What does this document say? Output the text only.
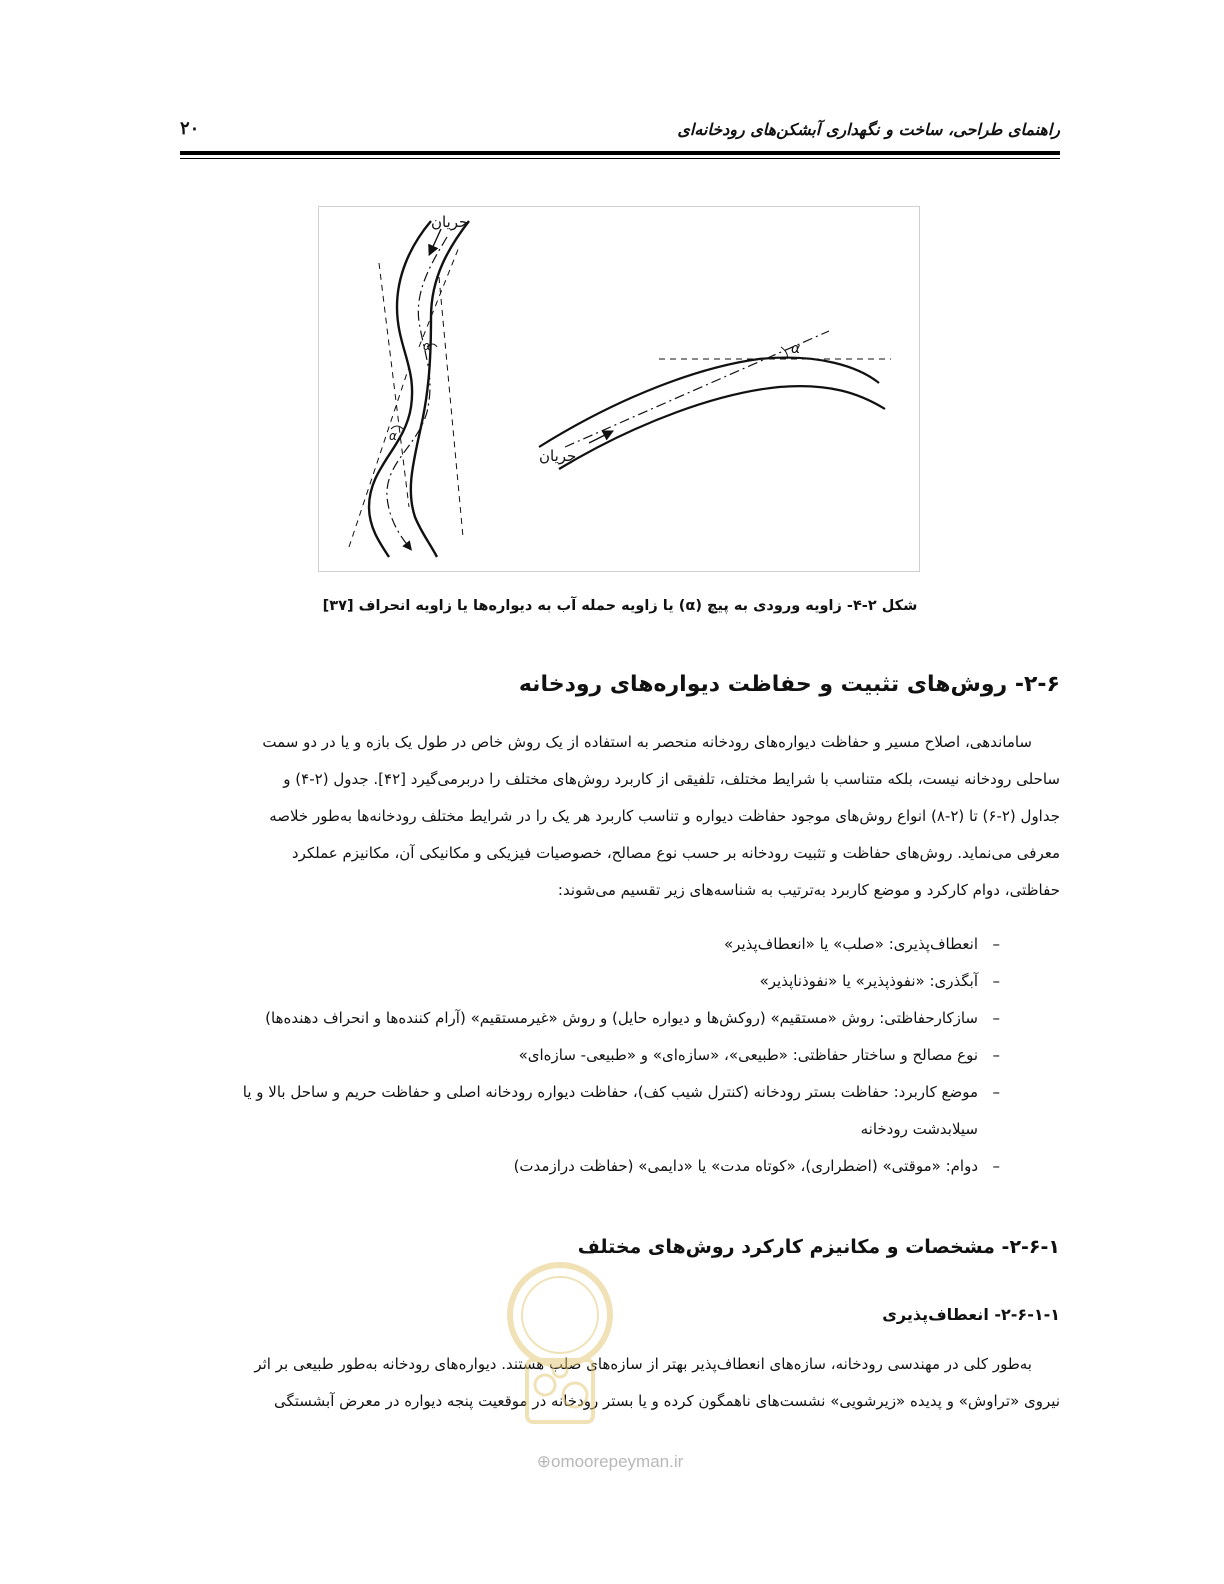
راهنمای طراحی، ساخت و نگهداری آبشکن‌های رودخانه‌ای
۲۰
جریان
جریان
α
α
α
شکل ۲-۴- زاویه ورودی به پیچ (α) یا زاویه حمله آب به دیواره‌ها یا زاویه انحراف [۳۷]
۲-۶- روش‌های تثبیت و حفاظت دیواره‌های رودخانه
ساماندهی، اصلاح مسیر و حفاظت دیواره‌های رودخانه منحصر به استفاده از یک روش خاص در طول یک بازه و یا در دو سمت
ساحلی رودخانه نیست، بلکه متناسب با شرایط مختلف، تلفیقی از کاربرد روش‌های مختلف را دربرمی‌گیرد [۴۲]. جدول (۲-۴) و
جداول (۲-۶) تا (۲-۸) انواع روش‌های موجود حفاظت دیواره و تناسب کاربرد هر یک را در شرایط مختلف رودخانه‌ها به‌طور خلاصه
معرفی می‌نماید. روش‌های حفاظت و تثبیت رودخانه بر حسب نوع مصالح، خصوصیات فیزیکی و مکانیکی آن، مکانیزم عملکرد
حفاظتی، دوام کارکرد و موضع کاربرد به‌ترتیب به شناسه‌های زیر تقسیم می‌شوند:
–
انعطاف‌پذیری: «صلب» یا «انعطاف‌پذیر»
–
آبگذری: «نفوذپذیر» یا «نفوذناپذیر»
–
سازکارحفاظتی: روش «مستقیم» (روکش‌ها و دیواره حایل) و روش «غیرمستقیم» (آرام کننده‌ها و انحراف دهنده‌ها)
–
نوع مصالح و ساختار حفاظتی: «طبیعی»، «سازه‌ای» و «طبیعی- سازه‌ای»
–
موضع کاربرد: حفاظت بستر رودخانه (کنترل شیب کف)، حفاظت دیواره رودخانه اصلی و حفاظت حریم و ساحل بالا و یا
سیلابدشت رودخانه
–
دوام: «موقتی» (اضطراری)، «کوتاه مدت» یا «دایمی» (حفاظت درازمدت)
۲-۶-۱- مشخصات و مکانیزم کارکرد روش‌های مختلف
۲-۶-۱-۱- انعطاف‌پذیری
به‌طور کلی در مهندسی رودخانه، سازه‌های انعطاف‌پذیر بهتر از سازه‌های صلب هستند. دیواره‌های رودخانه به‌طور طبیعی بر اثر
نیروی «تراوش» و پدیده «زیرشویی» نشست‌های ناهمگون کرده و یا بستر رودخانه در موقعیت پنجه دیواره در معرض آبشستگی
⊕omoorepeyman.ir
